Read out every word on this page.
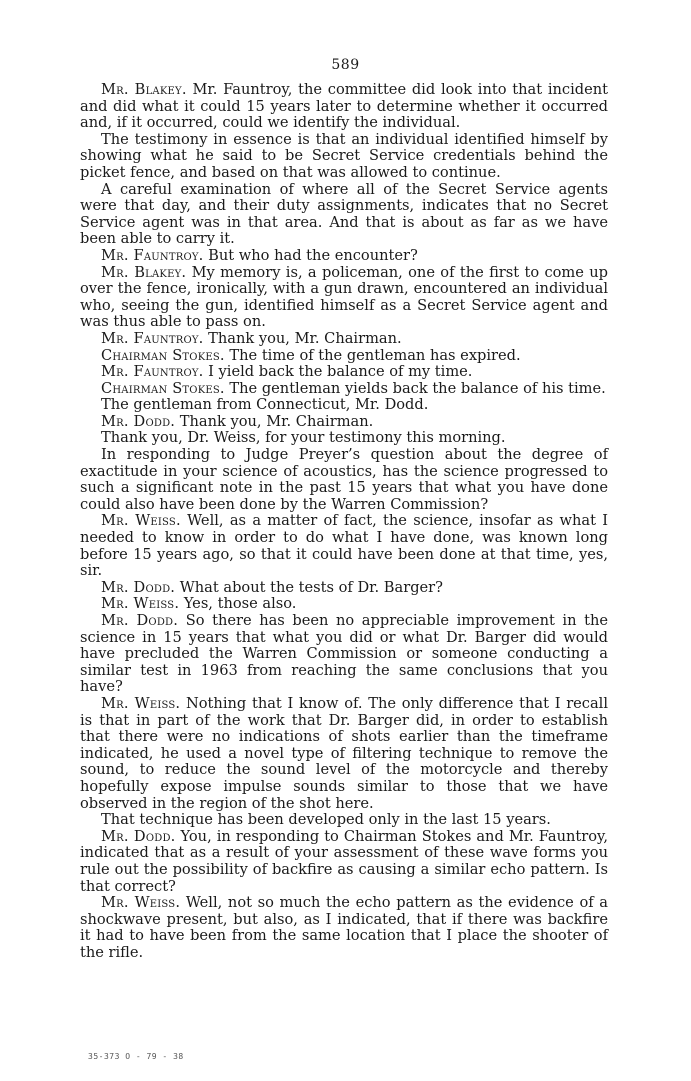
589

Mr. Blakey. Mr. Fauntroy, the committee did look into that incident and did what it could 15 years later to determine whether it occurred and, if it occurred, could we identify the individual.

The testimony in essence is that an individual identified himself by showing what he said to be Secret Service credentials behind the picket fence, and based on that was allowed to continue.

A careful examination of where all of the Secret Service agents were that day, and their duty assignments, indicates that no Secret Service agent was in that area. And that is about as far as we have been able to carry it.

Mr. Fauntroy. But who had the encounter?

Mr. Blakey. My memory is, a policeman, one of the first to come up over the fence, ironically, with a gun drawn, encountered an individual who, seeing the gun, identified himself as a Secret Service agent and was thus able to pass on.

Mr. Fauntroy. Thank you, Mr. Chairman.

Chairman Stokes. The time of the gentleman has expired.

Mr. Fauntroy. I yield back the balance of my time.

Chairman Stokes. The gentleman yields back the balance of his time.

The gentleman from Connecticut, Mr. Dodd.

Mr. Dodd. Thank you, Mr. Chairman.

Thank you, Dr. Weiss, for your testimony this morning.

In responding to Judge Preyer’s question about the degree of exactitude in your science of acoustics, has the science progressed to such a significant note in the past 15 years that what you have done could also have been done by the Warren Commission?

Mr. Weiss. Well, as a matter of fact, the science, insofar as what I needed to know in order to do what I have done, was known long before 15 years ago, so that it could have been done at that time, yes, sir.

Mr. Dodd. What about the tests of Dr. Barger?

Mr. Weiss. Yes, those also.

Mr. Dodd. So there has been no appreciable improvement in the science in 15 years that what you did or what Dr. Barger did would have precluded the Warren Commission or someone conducting a similar test in 1963 from reaching the same conclusions that you have?

Mr. Weiss. Nothing that I know of. The only difference that I recall is that in part of the work that Dr. Barger did, in order to establish that there were no indications of shots earlier than the timeframe indicated, he used a novel type of filtering technique to remove the sound, to reduce the sound level of the motorcycle and thereby hopefully expose impulse sounds similar to those that we have observed in the region of the shot here.

That technique has been developed only in the last 15 years.

Mr. Dodd. You, in responding to Chairman Stokes and Mr. Fauntroy, indicated that as a result of your assessment of these wave forms you rule out the possibility of backfire as causing a similar echo pattern. Is that correct?

Mr. Weiss. Well, not so much the echo pattern as the evidence of a shockwave present, but also, as I indicated, that if there was backfire it had to have been from the same location that I place the shooter of the rifle.

35-373 O - 79 - 38
